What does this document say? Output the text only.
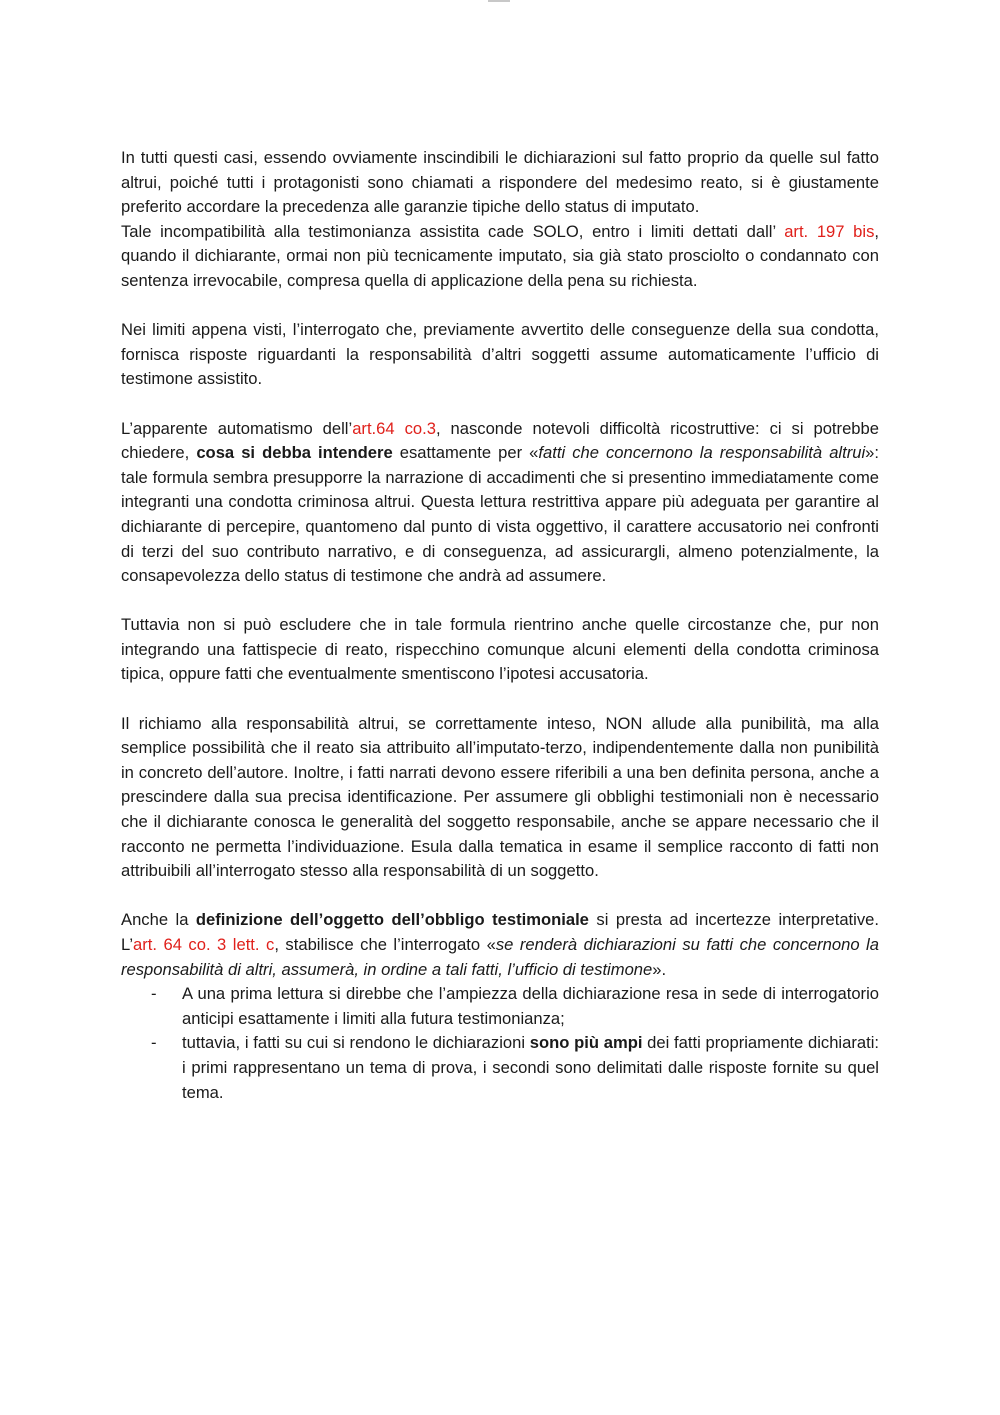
In tutti questi casi, essendo ovviamente inscindibili le dichiarazioni sul fatto proprio da quelle sul fatto altrui, poiché tutti i protagonisti sono chiamati a rispondere del medesimo reato, si è giustamente preferito accordare la precedenza alle garanzie tipiche dello status di imputato.

Tale incompatibilità alla testimonianza assistita cade SOLO, entro i limiti dettati dall’ art. 197 bis, quando il dichiarante, ormai non più tecnicamente imputato, sia già stato prosciolto o condannato con sentenza irrevocabile, compresa quella di applicazione della pena su richiesta.

Nei limiti appena visti, l’interrogato che, previamente avvertito delle conseguenze della sua condotta, fornisca risposte riguardanti la responsabilità d’altri soggetti assume automaticamente l’ufficio di testimone assistito.

L’apparente automatismo dell’art.64 co.3, nasconde notevoli difficoltà ricostruttive: ci si potrebbe chiedere, cosa si debba intendere esattamente per «fatti che concernono la responsabilità altrui»: tale formula sembra presupporre la narrazione di accadimenti che si presentino immediatamente come integranti una condotta criminosa altrui. Questa lettura restrittiva appare più adeguata per garantire al dichiarante di percepire, quantomeno dal punto di vista oggettivo, il carattere accusatorio nei confronti di terzi del suo contributo narrativo, e di conseguenza, ad assicurargli, almeno potenzialmente, la consapevolezza dello status di testimone che andrà ad assumere.

Tuttavia non si può escludere che in tale formula rientrino anche quelle circostanze che, pur non integrando una fattispecie di reato, rispecchino comunque alcuni elementi della condotta criminosa tipica, oppure fatti che eventualmente smentiscono l’ipotesi accusatoria.

Il richiamo alla responsabilità altrui, se correttamente inteso, NON allude alla punibilità, ma alla semplice possibilità che il reato sia attribuito all’imputato-terzo, indipendentemente dalla non punibilità in concreto dell’autore. Inoltre, i fatti narrati devono essere riferibili a una ben definita persona, anche a prescindere dalla sua precisa identificazione. Per assumere gli obblighi testimoniali non è necessario che il dichiarante conosca le generalità del soggetto responsabile, anche se appare necessario che il racconto ne permetta l’individuazione. Esula dalla tematica in esame il semplice racconto di fatti non attribuibili all’interrogato stesso alla responsabilità di un soggetto.

Anche la definizione dell’oggetto dell’obbligo testimoniale si presta ad incertezze interpretative. L’art. 64 co. 3 lett. c, stabilisce che l’interrogato «se renderà dichiarazioni su fatti che concernono la responsabilità di altri, assumerà, in ordine a tali fatti, l’ufficio di testimone».

- A una prima lettura si direbbe che l’ampiezza della dichiarazione resa in sede di interrogatorio anticipi esattamente i limiti alla futura testimonianza;
- tuttavia, i fatti su cui si rendono le dichiarazioni sono più ampi dei fatti propriamente dichiarati: i primi rappresentano un tema di prova, i secondi sono delimitati dalle risposte fornite su quel tema.
